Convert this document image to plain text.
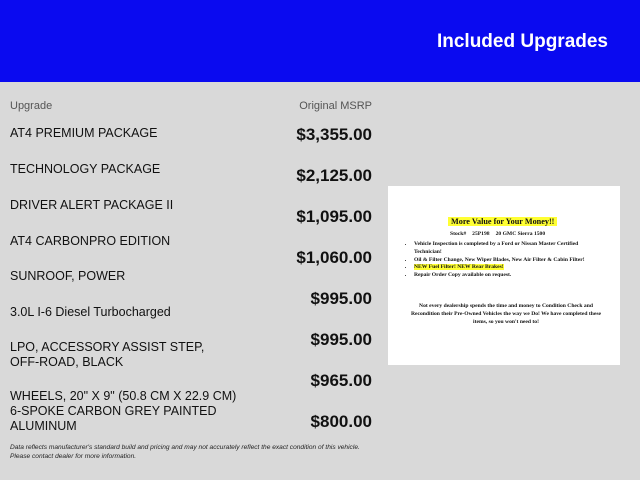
Included Upgrades
Upgrade	Original MSRP
AT4 PREMIUM PACKAGE
TECHNOLOGY PACKAGE
DRIVER ALERT PACKAGE II
AT4 CARBONPRO EDITION
SUNROOF, POWER
3.0L I-6 Diesel Turbocharged
LPO, ACCESSORY ASSIST STEP,
OFF-ROAD, BLACK
WHEELS, 20" X 9" (50.8 CM X 22.9 CM)
6-SPOKE CARBON GREY PAINTED
ALUMINUM
$3,355.00
$2,125.00
$1,095.00
$1,060.00
$995.00
$995.00
$965.00
$800.00
Data reflects manufacturer's standard build and pricing and may not accurately reflect the exact condition of this vehicle.
Please contact dealer for more information.
More Value for Your Money!!
Stock# 25P198 20 GMC Sierra 1500
• Vehicle Inspection is completed by a Ford or Nissan Master Certified Technician!
• Oil & Filter Change, New Wiper Blades, New Air Filter & Cabin Filter!
• NEW Fuel Filter! NEW Rear Brakes!
• Repair Order Copy available on request.
Not every dealership spends the time and money to Condition Check and Recondition their Pre-Owned Vehicles the way we Do! We have completed these items, so you won't need to!
